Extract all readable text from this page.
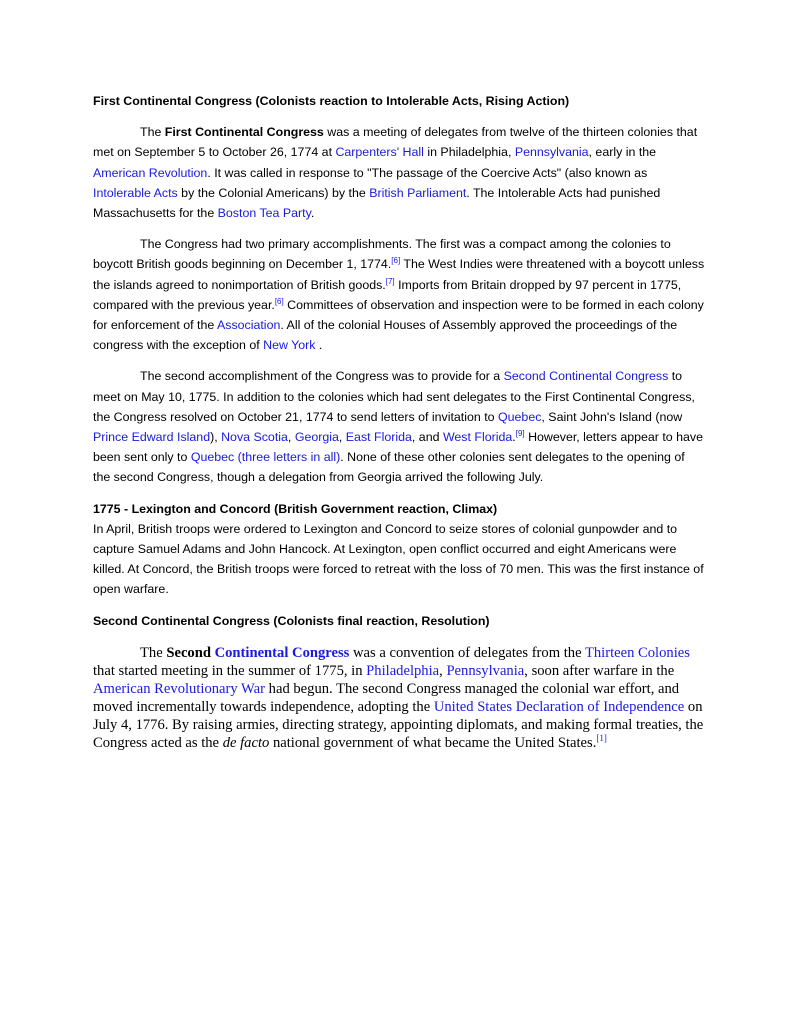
First Continental Congress (Colonists reaction to Intolerable Acts, Rising Action)

The First Continental Congress was a meeting of delegates from twelve of the thirteen colonies that met on September 5 to October 26, 1774 at Carpenters' Hall in Philadelphia, Pennsylvania, early in the American Revolution. It was called in response to "The passage of the Coercive Acts" (also known as Intolerable Acts by the Colonial Americans) by the British Parliament. The Intolerable Acts had punished Massachusetts for the Boston Tea Party.

The Congress had two primary accomplishments. The first was a compact among the colonies to boycott British goods beginning on December 1, 1774.[6] The West Indies were threatened with a boycott unless the islands agreed to nonimportation of British goods.[7] Imports from Britain dropped by 97 percent in 1775, compared with the previous year.[6] Committees of observation and inspection were to be formed in each colony for enforcement of the Association. All of the colonial Houses of Assembly approved the proceedings of the congress with the exception of New York .

The second accomplishment of the Congress was to provide for a Second Continental Congress to meet on May 10, 1775. In addition to the colonies which had sent delegates to the First Continental Congress, the Congress resolved on October 21, 1774 to send letters of invitation to Quebec, Saint John's Island (now Prince Edward Island), Nova Scotia, Georgia, East Florida, and West Florida.[9] However, letters appear to have been sent only to Quebec (three letters in all). None of these other colonies sent delegates to the opening of the second Congress, though a delegation from Georgia arrived the following July.

1775 - Lexington and Concord (British Government reaction, Climax)

In April, British troops were ordered to Lexington and Concord to seize stores of colonial gunpowder and to capture Samuel Adams and John Hancock. At Lexington, open conflict occurred and eight Americans were killed. At Concord, the British troops were forced to retreat with the loss of 70 men. This was the first instance of open warfare.

Second Continental Congress (Colonists final reaction, Resolution)

The Second Continental Congress was a convention of delegates from the Thirteen Colonies that started meeting in the summer of 1775, in Philadelphia, Pennsylvania, soon after warfare in the American Revolutionary War had begun. The second Congress managed the colonial war effort, and moved incrementally towards independence, adopting the United States Declaration of Independence on July 4, 1776. By raising armies, directing strategy, appointing diplomats, and making formal treaties, the Congress acted as the de facto national government of what became the United States.[1]
